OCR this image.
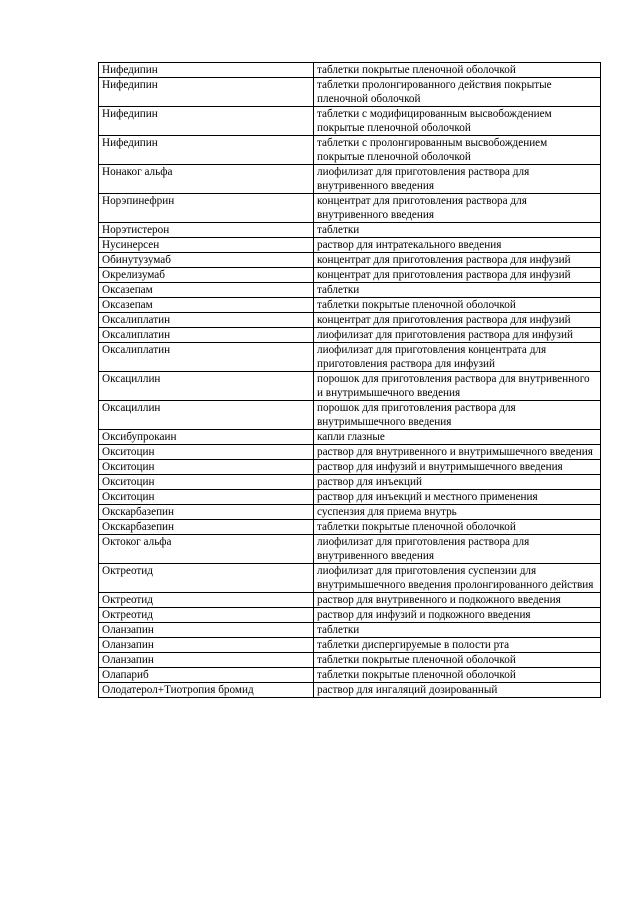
Нифедипин	таблетки покрытые пленочной оболочкой
Нифедипин	таблетки пролонгированного действия покрытые пленочной оболочкой
Нифедипин	таблетки с модифицированным высвобождением покрытые пленочной оболочкой
Нифедипин	таблетки с пролонгированным высвобождением покрытые пленочной оболочкой
Нонаког альфа	лиофилизат для приготовления раствора для внутривенного введения
Норэпинефрин	концентрат для приготовления раствора для внутривенного введения
Норэтистерон	таблетки
Нусинерсен	раствор для интратекального введения
Обинутузумаб	концентрат для приготовления раствора для инфузий
Окрелизумаб	концентрат для приготовления раствора для инфузий
Оксазепам	таблетки
Оксазепам	таблетки покрытые пленочной оболочкой
Оксалиплатин	концентрат для приготовления раствора для инфузий
Оксалиплатин	лиофилизат для приготовления раствора для инфузий
Оксалиплатин	лиофилизат для приготовления концентрата для приготовления раствора для инфузий
Оксациллин	порошок для приготовления раствора для внутривенного и внутримышечного введения
Оксациллин	порошок для приготовления раствора для внутримышечного введения
Оксибупрокаин	капли глазные
Окситоцин	раствор для внутривенного и внутримышечного введения
Окситоцин	раствор для инфузий и внутримышечного введения
Окситоцин	раствор для инъекций
Окситоцин	раствор для инъекций и местного применения
Окскарбазепин	суспензия для приема внутрь
Окскарбазепин	таблетки покрытые пленочной оболочкой
Октоког альфа	лиофилизат для приготовления раствора для внутривенного введения
Октреотид	лиофилизат для приготовления суспензии для внутримышечного введения пролонгированного действия
Октреотид	раствор для внутривенного и подкожного введения
Октреотид	раствор для инфузий и подкожного введения
Оланзапин	таблетки
Оланзапин	таблетки диспергируемые в полости рта
Оланзапин	таблетки покрытые пленочной оболочкой
Олапариб	таблетки покрытые пленочной оболочкой
Олодатерол+Тиотропия бромид	раствор для ингаляций дозированный
